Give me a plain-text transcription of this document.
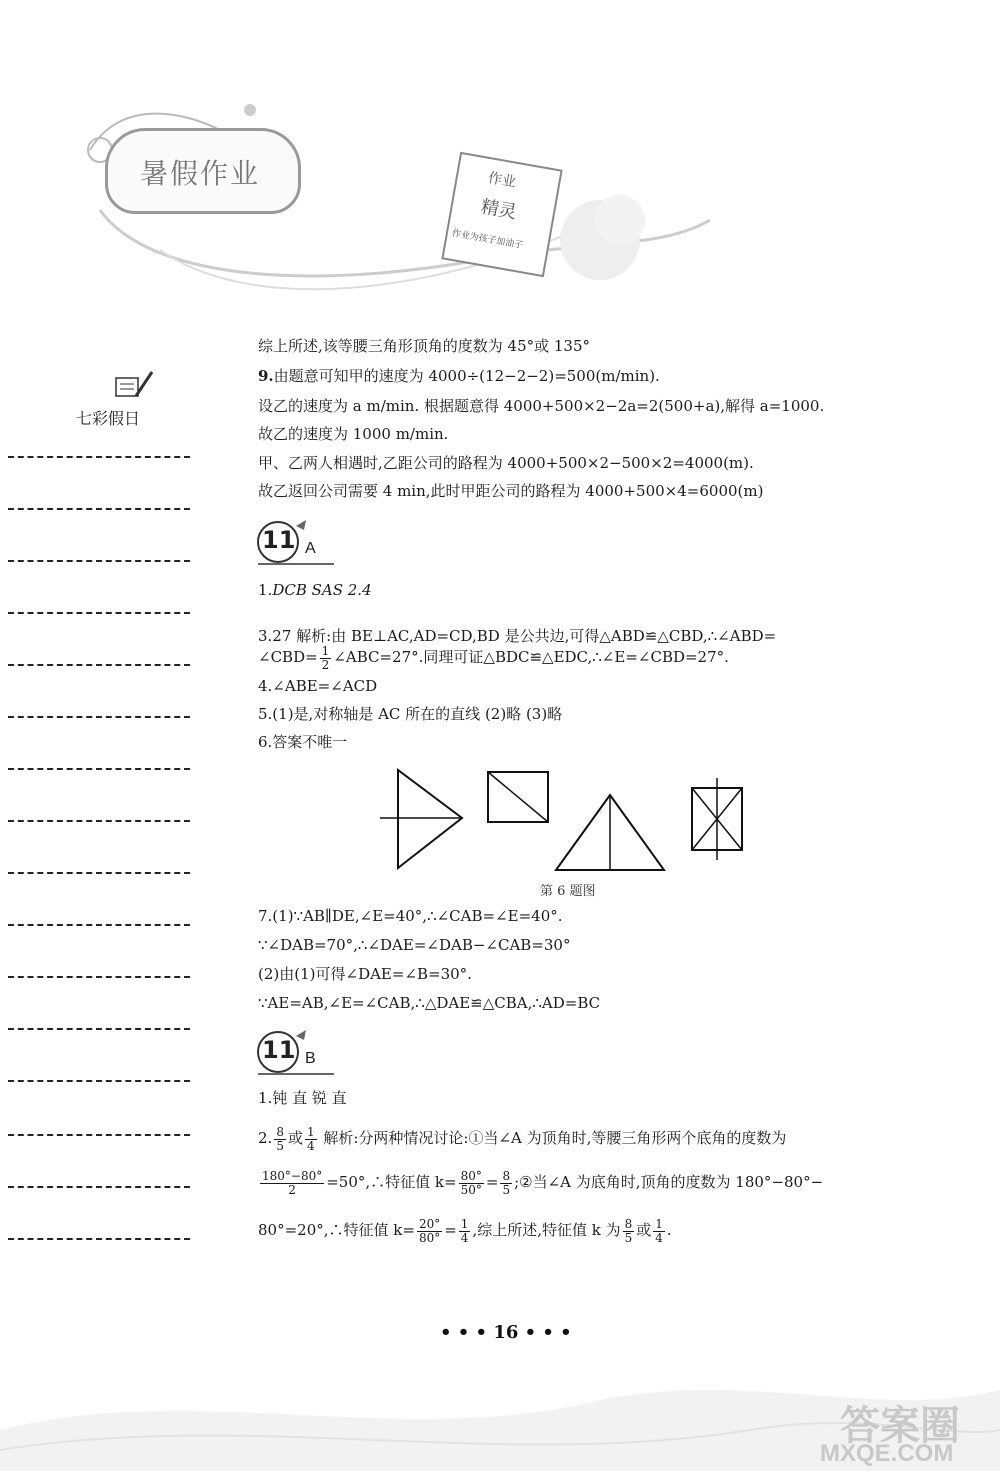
暑假作业	作业
精灵
作业为孩子加油子
七彩假日
综上所述,该等腰三角形顶角的度数为 45°或 135°
9.由题意可知甲的速度为 4000÷(12−2−2)=500(m/min).
设乙的速度为 a m/min. 根据题意得 4000+500×2−2a=2(500+a),解得 a=1000.
故乙的速度为 1000 m/min.
甲、乙两人相遇时,乙距公司的路程为 4000+500×2−500×2=4000(m).
故乙返回公司需要 4 min,此时甲距公司的路程为 4000+500×4=6000(m)
11 A
1.DCB SAS 2.4
3.27 解析:由 BE⊥AC,AD=CD,BD 是公共边,可得△ABD≌△CBD,∴∠ABD=
∠CBD= $\frac{1}{2}$ ∠ABC=27°.同理可证△BDC≌△EDC,∴∠E=∠CBD=27°.
4.∠ABE=∠ACD
5.(1)是,对称轴是 AC 所在的直线 (2)略 (3)略
6.答案不唯一
第 6 题图
7.(1)∵AB∥DE,∠E=40°,∴∠CAB=∠E=40°.
∵∠DAB=70°,∴∠DAE=∠DAB−∠CAB=30°
(2)由(1)可得∠DAE=∠B=30°.
∵AE=AB,∠E=∠CAB,∴△DAE≌△CBA,∴AD=BC
11 B
1.钝 直 锐 直
2. $\frac{8}{5}$ 或 $\frac{1}{4}$ 解析:分两种情况讨论:①当∠A 为顶角时,等腰三角形两个底角的度数为
$\frac{180^\circ-80^\circ}{2}$ =50°,∴特征值 $k= \frac{80^\circ}{50^\circ} = \frac{8}{5}$ ;②当∠A 为底角时,顶角的度数为 180°−80°−
80°=20°,∴特征值 $k= \frac{20^\circ}{80^\circ} = \frac{1}{4}$ ,综上所述,特征值 k 为 $\frac{8}{5}$ 或 $\frac{1}{4}$ .
• • • 16 • • •
答案圈
MXQE.COM
